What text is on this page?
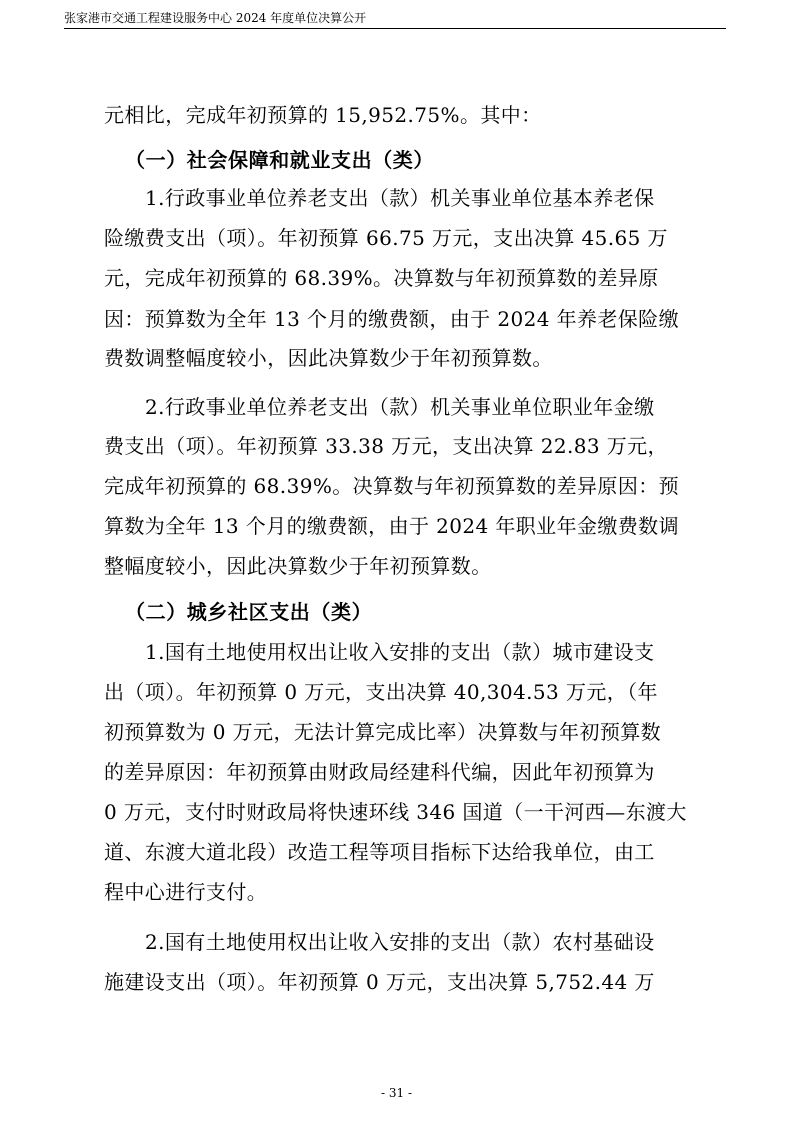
张家港市交通工程建设服务中心 2024 年度单位决算公开
元相比，完成年初预算的 15,952.75%。其中：
（一）社会保障和就业支出（类）
1.行政事业单位养老支出（款）机关事业单位基本养老保
险缴费支出（项）。年初预算 66.75 万元，支出决算 45.65 万
元，完成年初预算的 68.39%。决算数与年初预算数的差异原
因：预算数为全年 13 个月的缴费额，由于 2024 年养老保险缴
费数调整幅度较小，因此决算数少于年初预算数。
2.行政事业单位养老支出（款）机关事业单位职业年金缴
费支出（项）。年初预算 33.38 万元，支出决算 22.83 万元，
完成年初预算的 68.39%。决算数与年初预算数的差异原因：预
算数为全年 13 个月的缴费额，由于 2024 年职业年金缴费数调
整幅度较小，因此决算数少于年初预算数。
（二）城乡社区支出（类）
1.国有土地使用权出让收入安排的支出（款）城市建设支
出（项）。年初预算 0 万元，支出决算 40,304.53 万元，（年
初预算数为 0 万元，无法计算完成比率）决算数与年初预算数
的差异原因：年初预算由财政局经建科代编，因此年初预算为
0 万元，支付时财政局将快速环线 346 国道（一干河西—东渡大
道、东渡大道北段）改造工程等项目指标下达给我单位，由工
程中心进行支付。
2.国有土地使用权出让收入安排的支出（款）农村基础设
施建设支出（项）。年初预算 0 万元，支出决算 5,752.44 万
- 31 -
